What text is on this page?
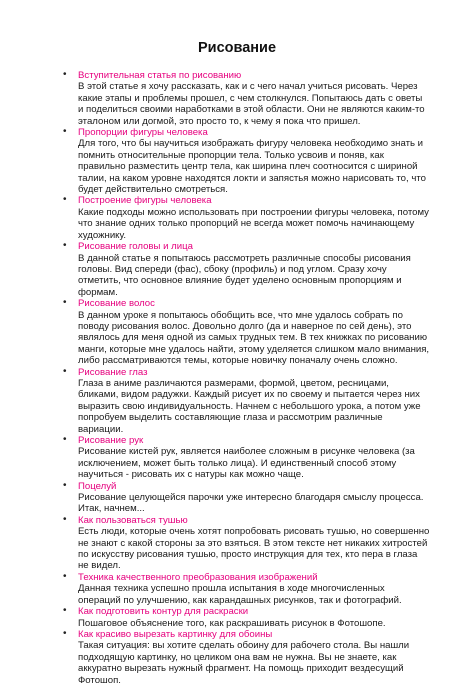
Рисование
• Вступительная статья по рисованию
В этой статье я хочу рассказать, как и с чего начал учиться рисовать. Через какие этапы и проблемы прошел, с чем столкнулся. Попытаюсь дать с оветы и поделиться своими наработками в этой области. Они не являются каким-то эталоном или догмой, это просто то, к чему я пока что пришел.
• Пропорции фигуры человека
Для того, что бы научиться изображать фигуру человека необходимо знать и помнить относительные пропорции тела. Только усвоив и поняв, как правильно разместить центр тела, как ширина плеч соотносится с шириной талии, на каком уровне находятся локти и запястья можно нарисовать то, что будет действительно смотреться.
• Построение фигуры человека
Какие подходы можно использовать при построении фигуры человека, потому что знание одних только пропорций не всегда может помочь начинающему художнику.
• Рисование головы и лица
В данной статье я попытаюсь рассмотреть различные способы рисования головы. Вид спереди (фас), сбоку (профиль) и под углом. Сразу хочу отметить, что основное влияние будет уделено основным пропорциям и формам.
• Рисование волос
В данном уроке я попытаюсь обобщить все, что мне удалось собрать по поводу рисования волос. Довольно долго (да и наверное по сей день), это являлось для меня одной из самых трудных тем. В тех книжках по рисованию манги, которые мне удалось найти, этому уделяется слишком мало внимания, либо рассматриваются темы, которые новичку поначалу очень сложно.
• Рисование глаз
Глаза в аниме различаются размерами, формой, цветом, ресницами, бликами, видом радужки. Каждый рисует их по своему и пытается через них выразить свою индивидуальность. Начнем с небольшого урока, а потом уже попробуем выделить составляющие глаза и рассмотрим различные вариации.
• Рисование рук
Рисование кистей рук, является наиболее сложным в рисунке человека (за исключением, может быть только лица). И единственный способ этому научиться - рисовать их с натуры как можно чаще.
• Поцелуй
Рисование целующейся парочки уже интересно благодаря смыслу процесса. Итак, начнем...
• Как пользоваться тушью
Есть люди, которые очень хотят попробовать рисовать тушью, но совершенно не знают с какой стороны за это взяться. В этом тексте нет никаких хитростей по искусству рисования тушью, просто инструкция для тех, кто пера в глаза не видел.
• Техника качественного преобразования изображений
Данная техника успешно прошла испытания в ходе многочисленных операций по улучшению, как карандашных рисунков, так и фотографий.
• Как подготовить контур для раскраски
Пошаговое объяснение того, как раскрашивать рисунок в Фотошопе.
• Как красиво вырезать картинку для обоины
Такая ситуация: вы хотите сделать обоину для рабочего стола. Вы нашли подходящую картинку, но целиком она вам не нужна. Вы не знаете, как аккуратно вырезать нужный фрагмент. На помощь приходит вездесущий Фотошоп.
